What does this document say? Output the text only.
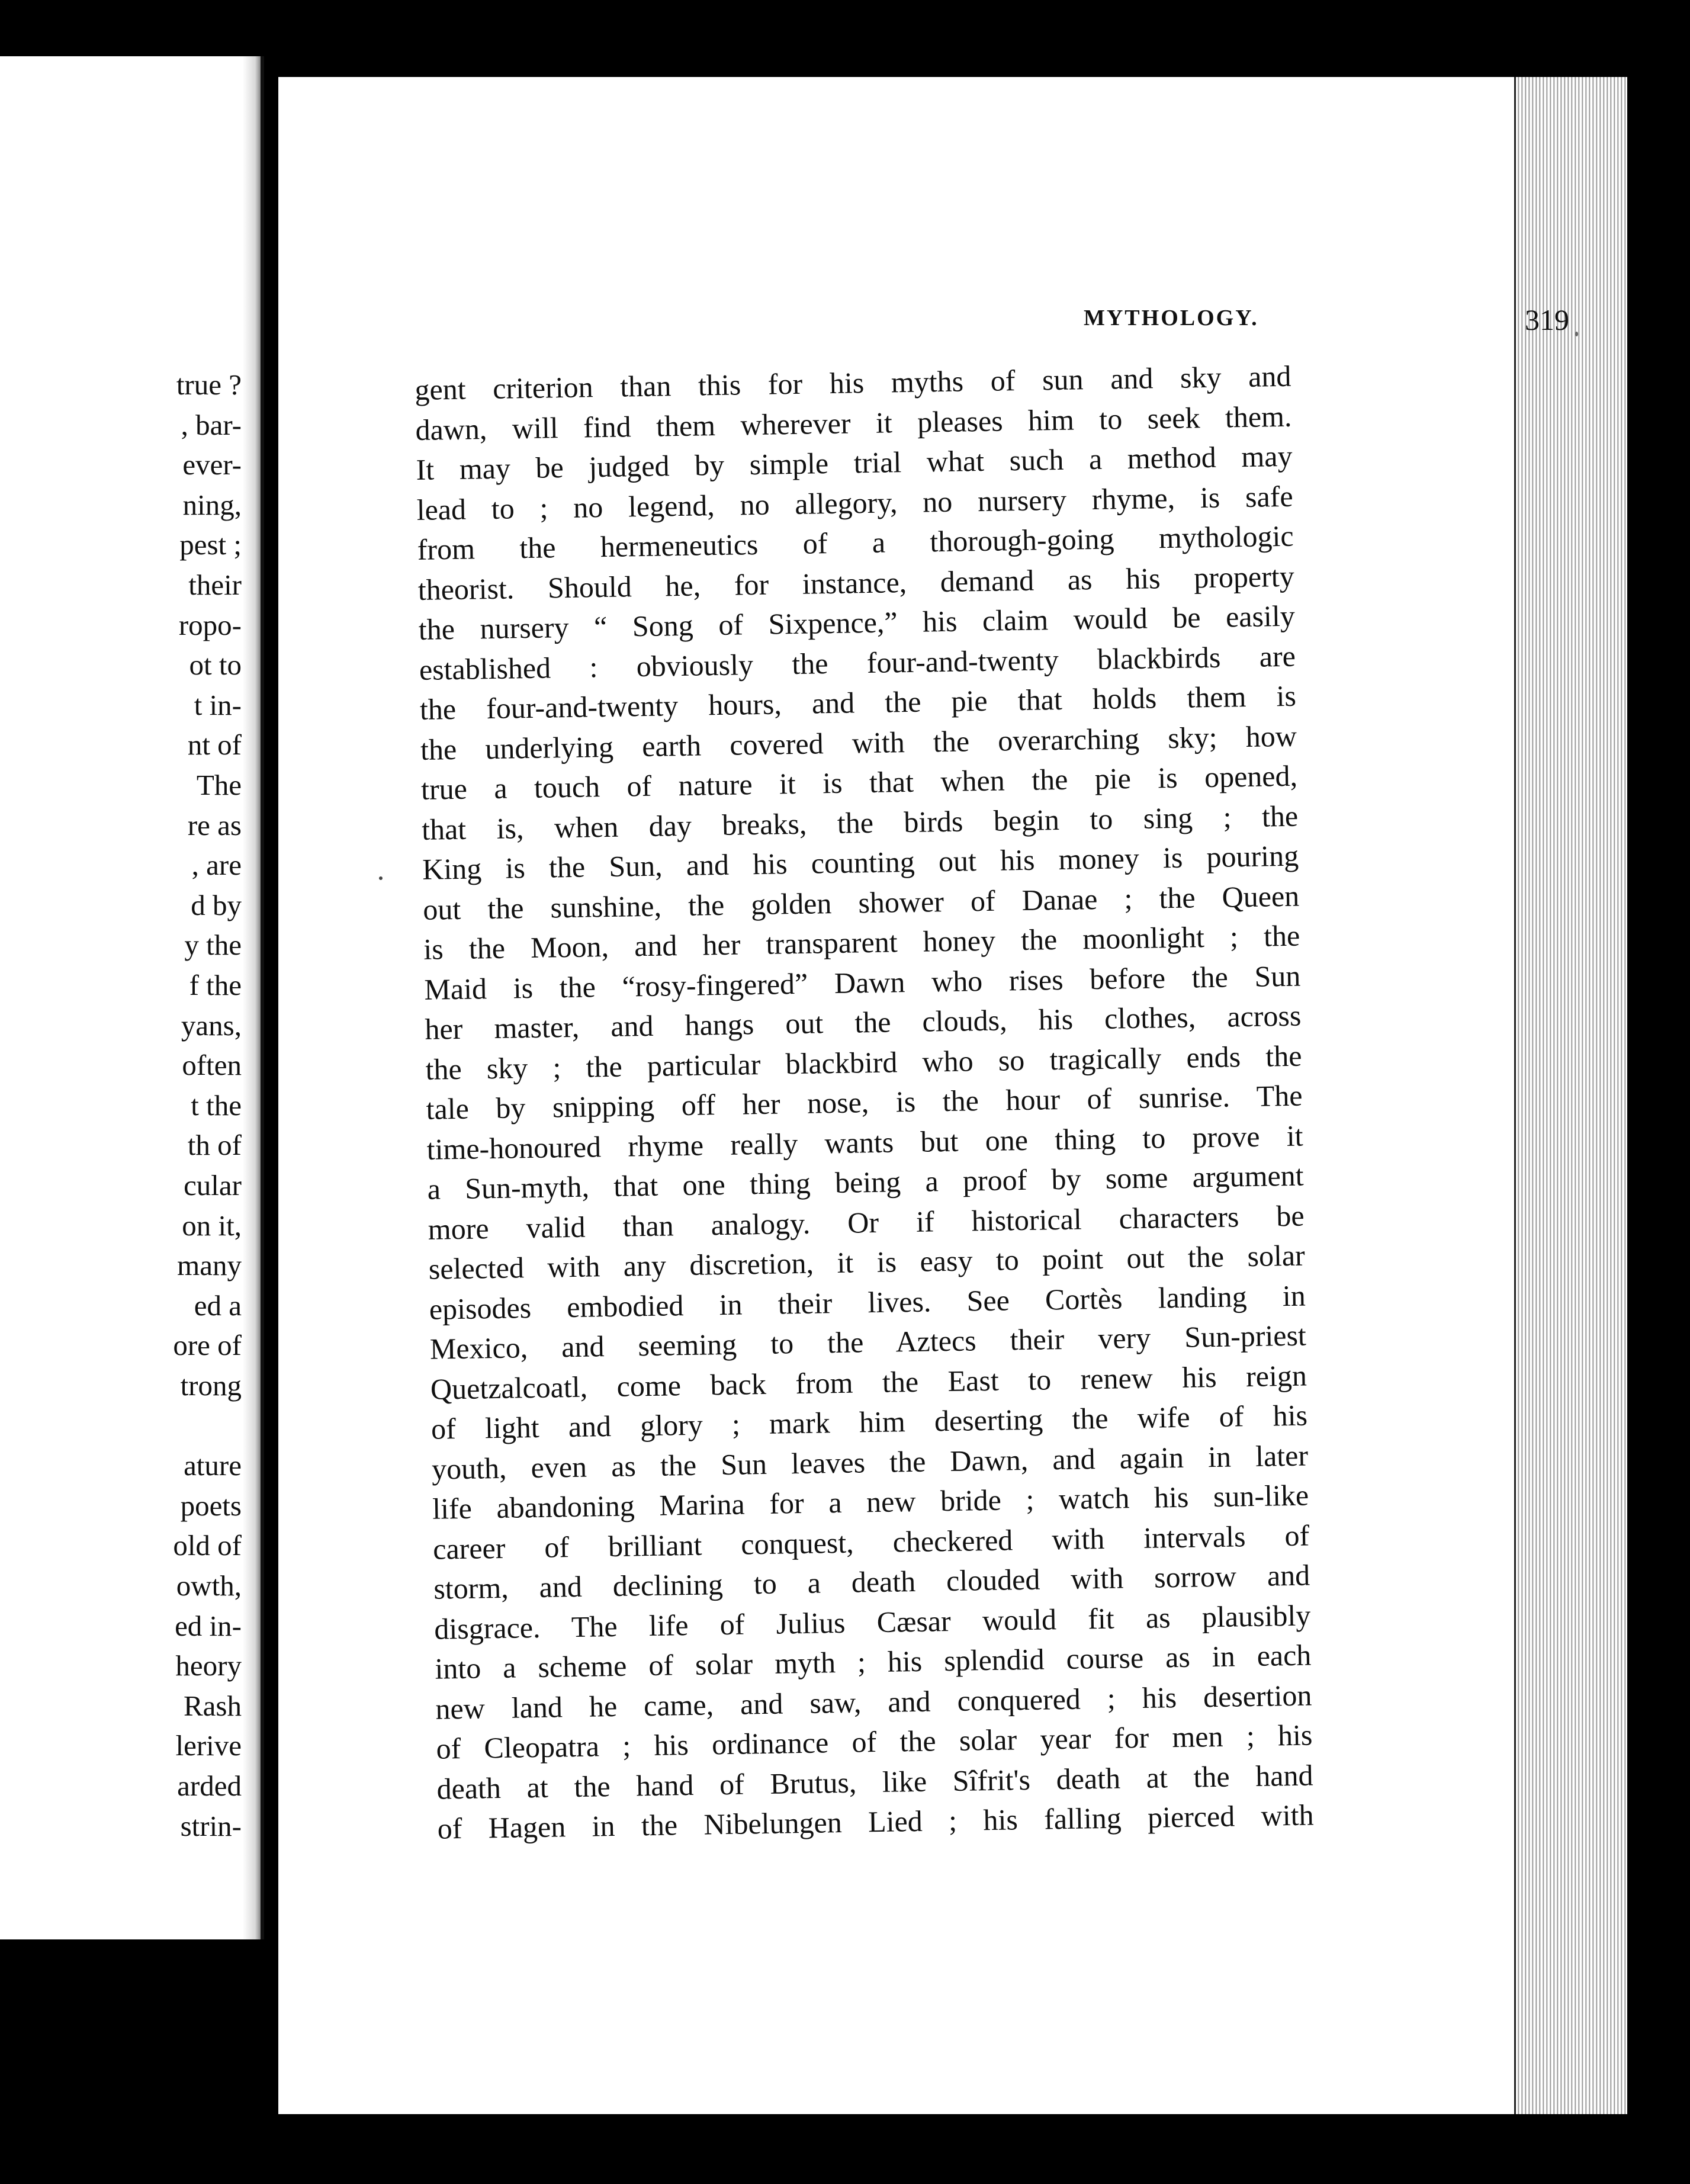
true ?
, bar-
ever-
ning,
pest ;
their
ropo-
ot to
t in-
nt of
The
re as
, are
d by
y the
f the
yans,
often
t the
th of
cular
on it,
many
ed a
ore of
trong
ature
poets
old of
owth,
ed in-
heory
Rash
lerive
arded
strin-
MYTHOLOGY.	319
gent criterion than this for his myths of sun and sky and
dawn, will find them wherever it pleases him to seek them.
It may be judged by simple trial what such a method may
lead to ; no legend, no allegory, no nursery rhyme, is safe
from the hermeneutics of a thorough-going mythologic
theorist. Should he, for instance, demand as his property
the nursery “ Song of Sixpence,” his claim would be easily
established : obviously the four-and-twenty blackbirds are
the four-and-twenty hours, and the pie that holds them is
the underlying earth covered with the overarching sky; how
true a touch of nature it is that when the pie is opened,
that is, when day breaks, the birds begin to sing ; the
King is the Sun, and his counting out his money is pouring
out the sunshine, the golden shower of Danae ; the Queen
is the Moon, and her transparent honey the moonlight ; the
Maid is the “rosy-fingered” Dawn who rises before the Sun
her master, and hangs out the clouds, his clothes, across
the sky ; the particular blackbird who so tragically ends the
tale by snipping off her nose, is the hour of sunrise. The
time-honoured rhyme really wants but one thing to prove it
a Sun-myth, that one thing being a proof by some argument
more valid than analogy. Or if historical characters be
selected with any discretion, it is easy to point out the solar
episodes embodied in their lives. See Cortès landing in
Mexico, and seeming to the Aztecs their very Sun-priest
Quetzalcoatl, come back from the East to renew his reign
of light and glory ; mark him deserting the wife of his
youth, even as the Sun leaves the Dawn, and again in later
life abandoning Marina for a new bride ; watch his sun-like
career of brilliant conquest, checkered with intervals of
storm, and declining to a death clouded with sorrow and
disgrace. The life of Julius Cæsar would fit as plausibly
into a scheme of solar myth ; his splendid course as in each
new land he came, and saw, and conquered ; his desertion
of Cleopatra ; his ordinance of the solar year for men ; his
death at the hand of Brutus, like Sîfrit's death at the hand
of Hagen in the Nibelungen Lied ; his falling pierced with
